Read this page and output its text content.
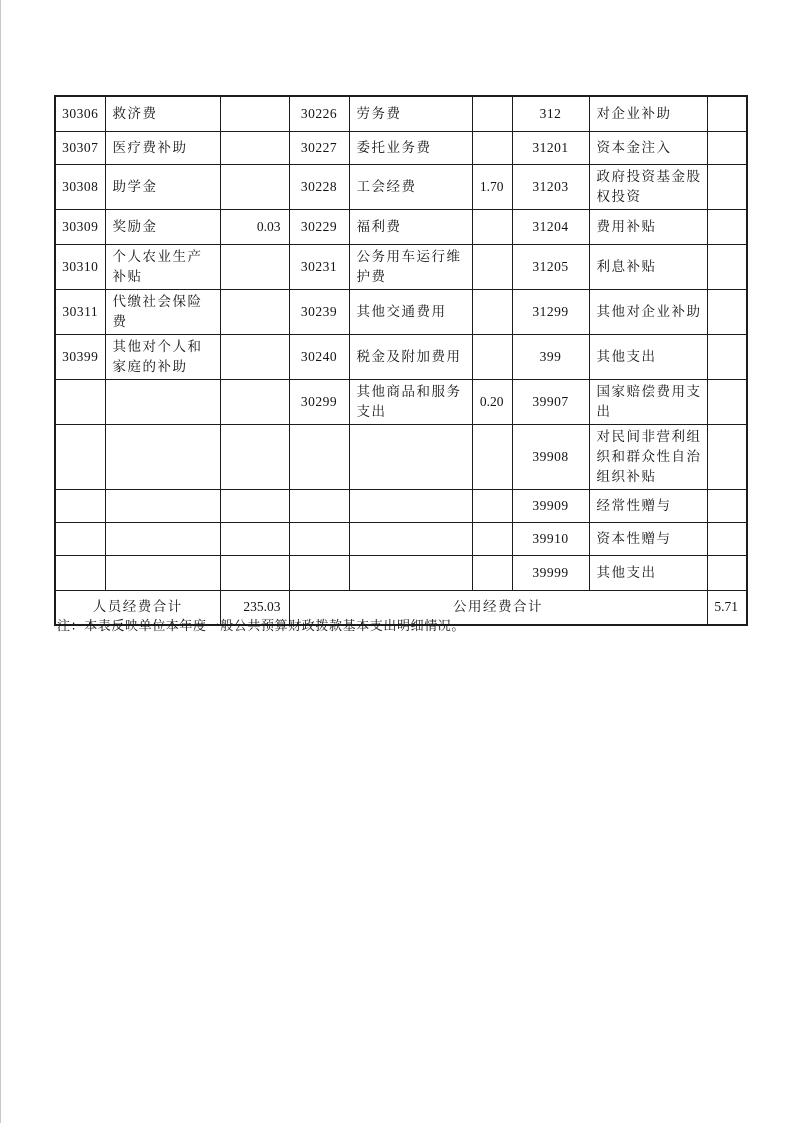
30306	救济费		30226	劳务费		312	对企业补助	
30307	医疗费补助		30227	委托业务费		31201	资本金注入	
30308	助学金		30228	工会经费	1.70	31203	政府投资基金股权投资	
30309	奖励金	0.03	30229	福利费		31204	费用补贴	
30310	个人农业生产补贴		30231	公务用车运行维护费		31205	利息补贴	
30311	代缴社会保险费		30239	其他交通费用		31299	其他对企业补助	
30399	其他对个人和家庭的补助		30240	税金及附加费用		399	其他支出	
			30299	其他商品和服务支出	0.20	39907	国家赔偿费用支出	
						39908	对民间非营利组织和群众性自治组织补贴	
						39909	经常性赠与	
						39910	资本性赠与	
						39999	其他支出	
人员经费合计		235.03	公用经费合计					5.71
注：本表反映单位本年度一般公共预算财政拨款基本支出明细情况。
